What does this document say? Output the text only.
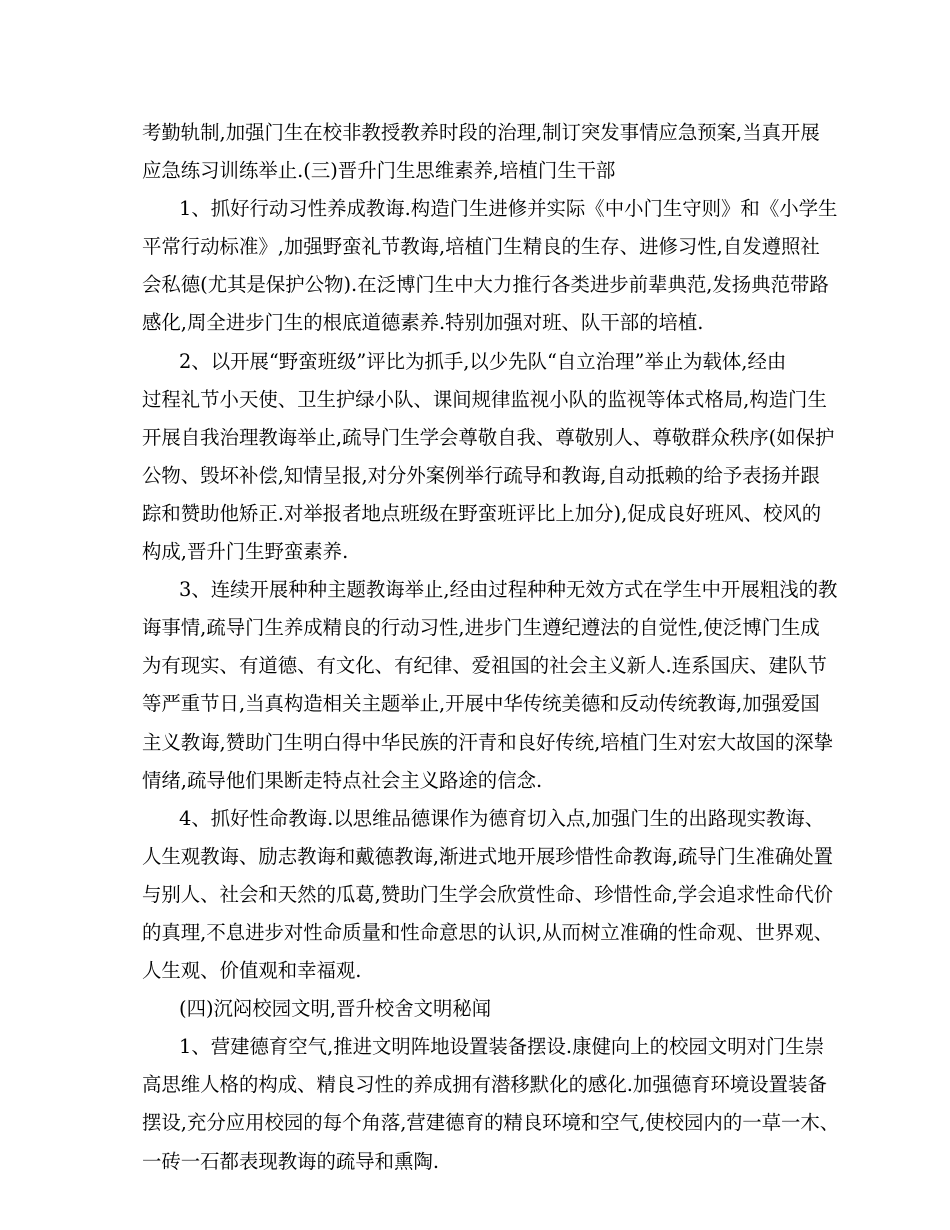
考勤轨制,加强门生在校非教授教养时段的治理,制订突发事情应急预案,当真开展
应急练习训练举止.(三)晋升门生思维素养,培植门生干部

1、抓好行动习性养成教诲.构造门生进修并实际《中小门生守则》和《小学生
平常行动标准》,加强野蛮礼节教诲,培植门生精良的生存、进修习性,自发遵照社
会私德(尤其是保护公物).在泛博门生中大力推行各类进步前辈典范,发扬典范带路
感化,周全进步门生的根底道德素养.特别加强对班、队干部的培植.

2、以开展“野蛮班级”评比为抓手,以少先队“自立治理”举止为载体,经由
过程礼节小天使、卫生护绿小队、课间规律监视小队的监视等体式格局,构造门生
开展自我治理教诲举止,疏导门生学会尊敬自我、尊敬别人、尊敬群众秩序(如保护
公物、毁坏补偿,知情呈报,对分外案例举行疏导和教诲,自动抵赖的给予表扬并跟
踪和赞助他矫正.对举报者地点班级在野蛮班评比上加分),促成良好班风、校风的
构成,晋升门生野蛮素养.

3、连续开展种种主题教诲举止,经由过程种种无效方式在学生中开展粗浅的教
诲事情,疏导门生养成精良的行动习性,进步门生遵纪遵法的自觉性,使泛博门生成
为有现实、有道德、有文化、有纪律、爱祖国的社会主义新人.连系国庆、建队节
等严重节日,当真构造相关主题举止,开展中华传统美德和反动传统教诲,加强爱国
主义教诲,赞助门生明白得中华民族的汗青和良好传统,培植门生对宏大故国的深挚
情绪,疏导他们果断走特点社会主义路途的信念.

4、抓好性命教诲.以思维品德课作为德育切入点,加强门生的出路现实教诲、
人生观教诲、励志教诲和戴德教诲,渐进式地开展珍惜性命教诲,疏导门生准确处置
与别人、社会和天然的瓜葛,赞助门生学会欣赏性命、珍惜性命,学会追求性命代价
的真理,不息进步对性命质量和性命意思的认识,从而树立准确的性命观、世界观、
人生观、价值观和幸福观.

(四)沉闷校园文明,晋升校舍文明秘闻

1、营建德育空气,推进文明阵地设置装备摆设.康健向上的校园文明对门生崇
高思维人格的构成、精良习性的养成拥有潜移默化的感化.加强德育环境设置装备
摆设,充分应用校园的每个角落,营建德育的精良环境和空气,使校园内的一草一木、
一砖一石都表现教诲的疏导和熏陶.
